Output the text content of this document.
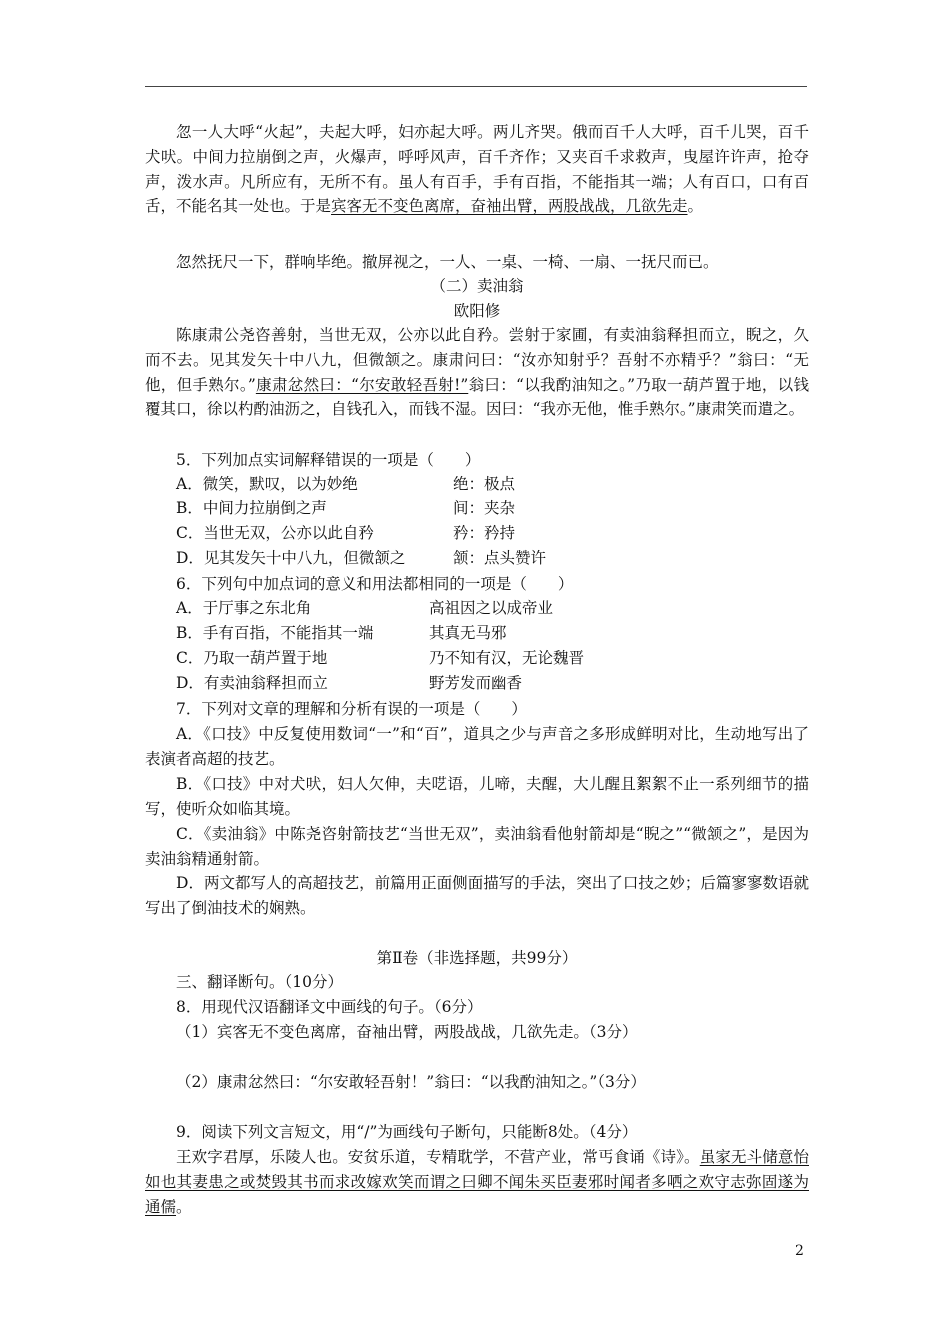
忽一人大呼“火起”，夫起大呼，妇亦起大呼。两儿齐哭。俄而百千人大呼，百千儿哭，百千犬吠。中间力拉崩倒之声，火爆声，呼呼风声，百千齐作；又夹百千求救声，曳屋许许声，抢夺声，泼水声。凡所应有，无所不有。虽人有百手，手有百指，不能指其一端；人有百口，口有百舌，不能名其一处也。于是宾客无不变色离席，奋袖出臂，两股战战，几欲先走。

忽然抚尺一下，群响毕绝。撤屏视之，一人、一桌、一椅、一扇、一抚尺而已。

（二）卖油翁

欧阳修

陈康肃公尧咨善射，当世无双，公亦以此自矜。尝射于家圃，有卖油翁释担而立，睨之，久而不去。见其发矢十中八九，但微颔之。康肃问曰：“汝亦知射乎？吾射不亦精乎？”翁曰：“无他，但手熟尔。”康肃忿然曰：“尔安敢轻吾射!”翁曰：“以我酌油知之。”乃取一葫芦置于地，以钱覆其口，徐以杓酌油沥之，自钱孔入，而钱不湿。因曰：“我亦无他，惟手熟尔。”康肃笑而遣之。

5．下列加点实词解释错误的一项是（　　）

A．微笑，默叹，以为妙绝	绝：极点

B．中间力拉崩倒之声	间：夹杂

C．当世无双，公亦以此自矜	矜：矜持

D．见其发矢十中八九，但微颔之	颔：点头赞许

6．下列句中加点词的意义和用法都相同的一项是（　　）

A．于厅事之东北角	高祖因之以成帝业

B．手有百指，不能指其一端	其真无马邪

C．乃取一葫芦置于地	乃不知有汉，无论魏晋

D．有卖油翁释担而立	野芳发而幽香

7．下列对文章的理解和分析有误的一项是（　　）

A．《口技》中反复使用数词“一”和“百”，道具之少与声音之多形成鲜明对比，生动地写出了表演者高超的技艺。

B．《口技》中对犬吠，妇人欠伸，夫呓语，儿啼，夫醒，大儿醒且絮絮不止一系列细节的描写，使听众如临其境。

C．《卖油翁》中陈尧咨射箭技艺“当世无双”，卖油翁看他射箭却是“睨之”“微颔之”，是因为卖油翁精通射箭。

D．两文都写人的高超技艺，前篇用正面侧面描写的手法，突出了口技之妙；后篇寥寥数语就写出了倒油技术的娴熟。

第Ⅱ卷（非选择题，共99分）

三、翻译断句。（10分）

8．用现代汉语翻译文中画线的句子。（6分）

（1）宾客无不变色离席，奋袖出臂，两股战战，几欲先走。（3分）

（2）康肃忿然曰：“尔安敢轻吾射！”翁曰：“以我酌油知之。”（3分）

9．阅读下列文言短文，用“/”为画线句子断句，只能断8处。（4分）

王欢字君厚，乐陵人也。安贫乐道，专精耽学，不营产业，常丐食诵《诗》。虽家无斗储意怡如也其妻患之或焚毁其书而求改嫁欢笑而谓之曰卿不闻朱买臣妻邪时闻者多哂之欢守志弥固遂为通儒。

2
